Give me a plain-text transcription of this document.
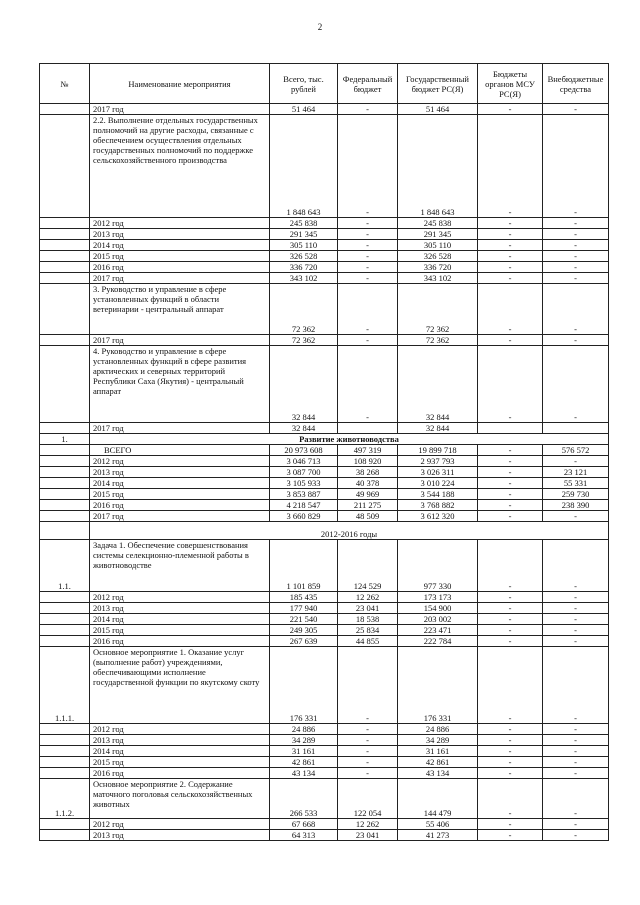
2
№	Наименование мероприятия	Всего, тыс. рублей	Федеральный бюджет	Государственный бюджет РС(Я)	Бюджеты органов МСУ РС(Я)	Внебюджетные средства
	2017 год	51 464	-	51 464	-	-
	2.2. Выполнение отдельных государственных полномочий на другие расходы, связанные с обеспечением осуществления отдельных государственных полномочий по поддержке сельскохозяйственного производства	1 848 643	-	1 848 643	-	-
	2012 год	245 838	-	245 838	-	-
	2013 год	291 345	-	291 345	-	-
	2014 год	305 110	-	305 110	-	-
	2015 год	326 528	-	326 528	-	-
	2016 год	336 720	-	336 720	-	-
	2017 год	343 102	-	343 102	-	-
	3. Руководство и управление в сфере установленных функций в области ветеринарии - центральный аппарат	72 362	-	72 362	-	-
	2017 год	72 362	-	72 362	-	-
	4. Руководство и управление в сфере установленных функций в сфере развития арктических и северных территорий Республики Саха (Якутия) - центральный аппарат	32 844	-	32 844	-	-
	2017 год	32 844		32 844		
1.	Развитие животноводства					
	ВСЕГО	20 973 608	497 319	19 899 718	-	576 572
	2012 год	3 046 713	108 920	2 937 793	-	-
	2013 год	3 087 700	38 268	3 026 311	-	23 121
	2014 год	3 105 933	40 378	3 010 224	-	55 331
	2015 год	3 853 887	49 969	3 544 188	-	259 730
	2016 год	4 218 547	211 275	3 768 882	-	238 390
	2017 год	3 660 829	48 509	3 612 320	-	-
	2012-2016 годы					
1.1.	Задача 1. Обеспечение совершенствования системы селекционно-племенной работы в животноводстве	1 101 859	124 529	977 330	-	-
	2012 год	185 435	12 262	173 173	-	-
	2013 год	177 940	23 041	154 900	-	-
	2014 год	221 540	18 538	203 002	-	-
	2015 год	249 305	25 834	223 471	-	-
	2016 год	267 639	44 855	222 784	-	-
1.1.1.	Основное мероприятие 1. Оказание услуг (выполнение работ) учреждениями, обеспечивающими исполнение государственной функции по якутскому скоту	176 331	-	176 331	-	-
	2012 год	24 886	-	24 886	-	-
	2013 год	34 289	-	34 289	-	-
	2014 год	31 161	-	31 161	-	-
	2015 год	42 861	-	42 861	-	-
	2016 год	43 134	-	43 134	-	-
1.1.2.	Основное мероприятие 2. Содержание маточного поголовья сельскохозяйственных животных	266 533	122 054	144 479	-	-
	2012 год	67 668	12 262	55 406	-	-
	2013 год	64 313	23 041	41 273	-	-
